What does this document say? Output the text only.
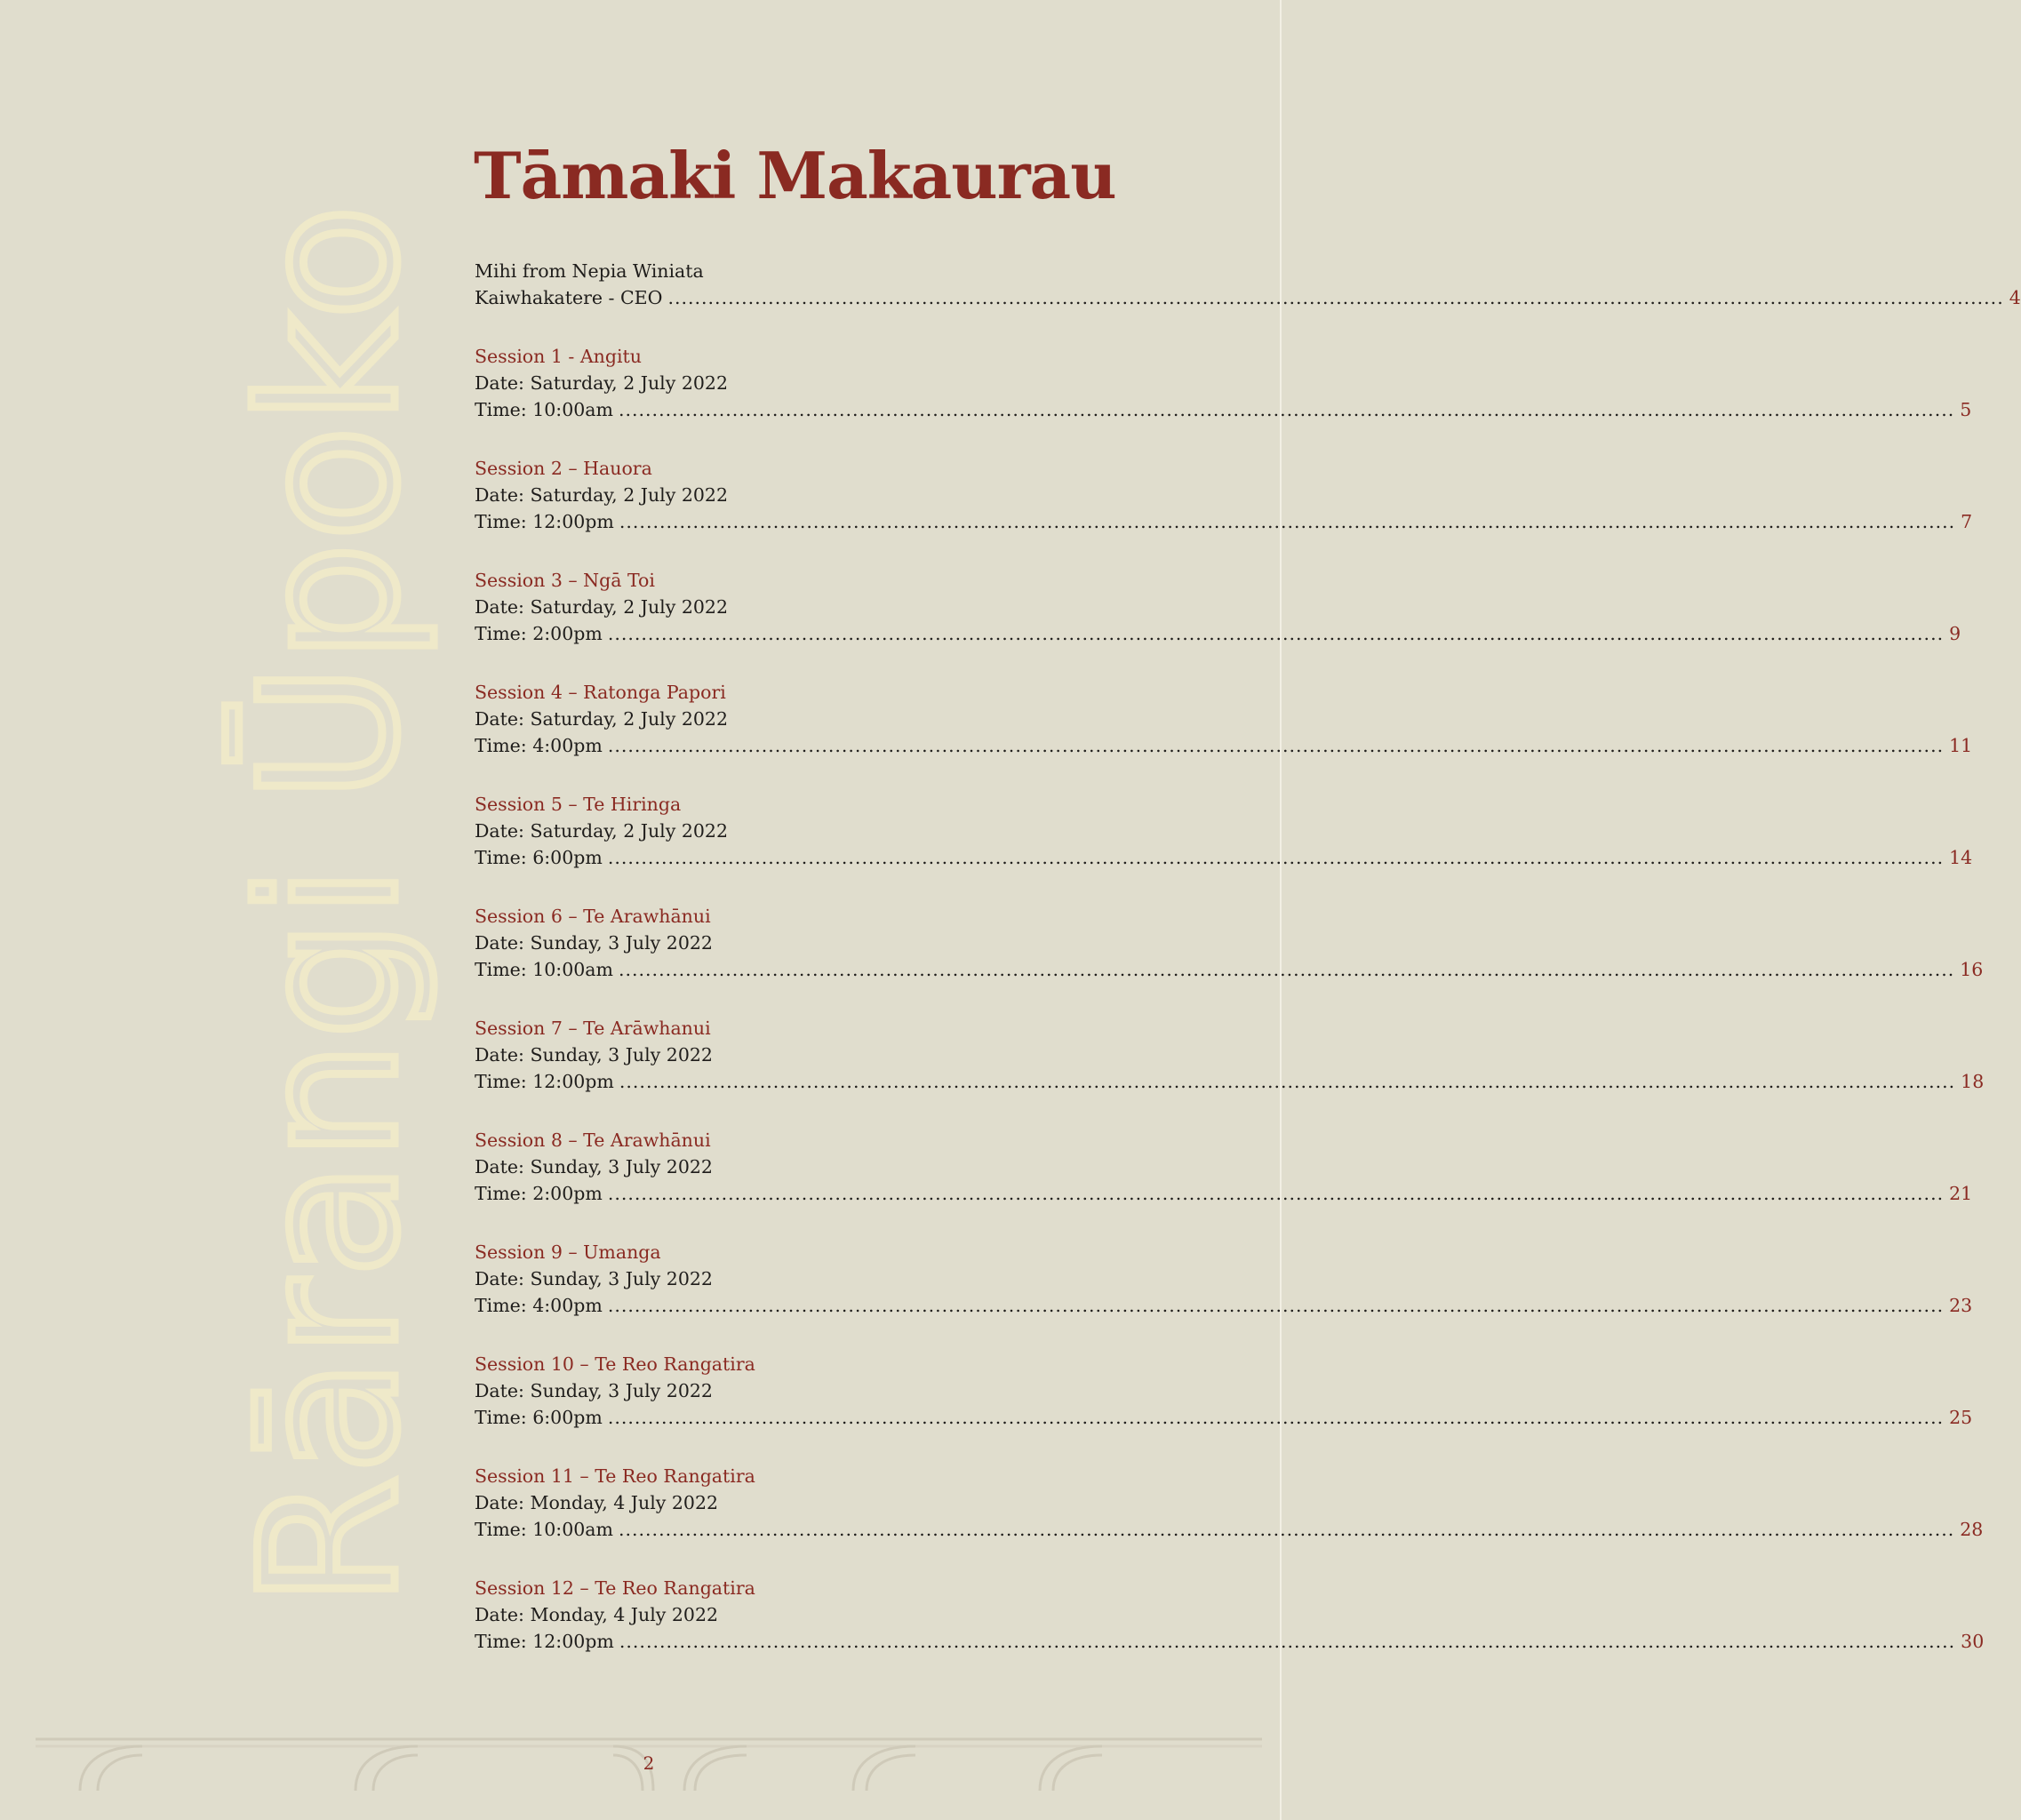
Rārangi Ūpoko
Tāmaki Makaurau
Mihi from Nepia Winiata
Kaiwhakatere - CEO ........................................................................................................................................................................................................ 4
Session 1 - Angitu
Date: Saturday, 2 July 2022
Time: 10:00am ........................................................................................................................................................................................................ 5
Session 2 – Hauora
Date: Saturday, 2 July 2022
Time: 12:00pm ........................................................................................................................................................................................................ 7
Session 3 – Ngā Toi
Date: Saturday, 2 July 2022
Time: 2:00pm ........................................................................................................................................................................................................ 9
Session 4 – Ratonga Papori
Date: Saturday, 2 July 2022
Time: 4:00pm ........................................................................................................................................................................................................ 11
Session 5 – Te Hiringa
Date: Saturday, 2 July 2022
Time: 6:00pm ........................................................................................................................................................................................................ 14
Session 6 – Te Arawhānui
Date: Sunday, 3 July 2022
Time: 10:00am ........................................................................................................................................................................................................ 16
Session 7 – Te Arāwhanui
Date: Sunday, 3 July 2022
Time: 12:00pm ........................................................................................................................................................................................................ 18
Session 8 – Te Arawhānui
Date: Sunday, 3 July 2022
Time: 2:00pm ........................................................................................................................................................................................................ 21
Session 9 – Umanga
Date: Sunday, 3 July 2022
Time: 4:00pm ........................................................................................................................................................................................................ 23
Session 10 – Te Reo Rangatira
Date: Sunday, 3 July 2022
Time: 6:00pm ........................................................................................................................................................................................................ 25
Session 11 – Te Reo Rangatira
Date: Monday, 4 July 2022
Time: 10:00am ........................................................................................................................................................................................................ 28
Session 12 – Te Reo Rangatira
Date: Monday, 4 July 2022
Time: 12:00pm ........................................................................................................................................................................................................ 30
2
